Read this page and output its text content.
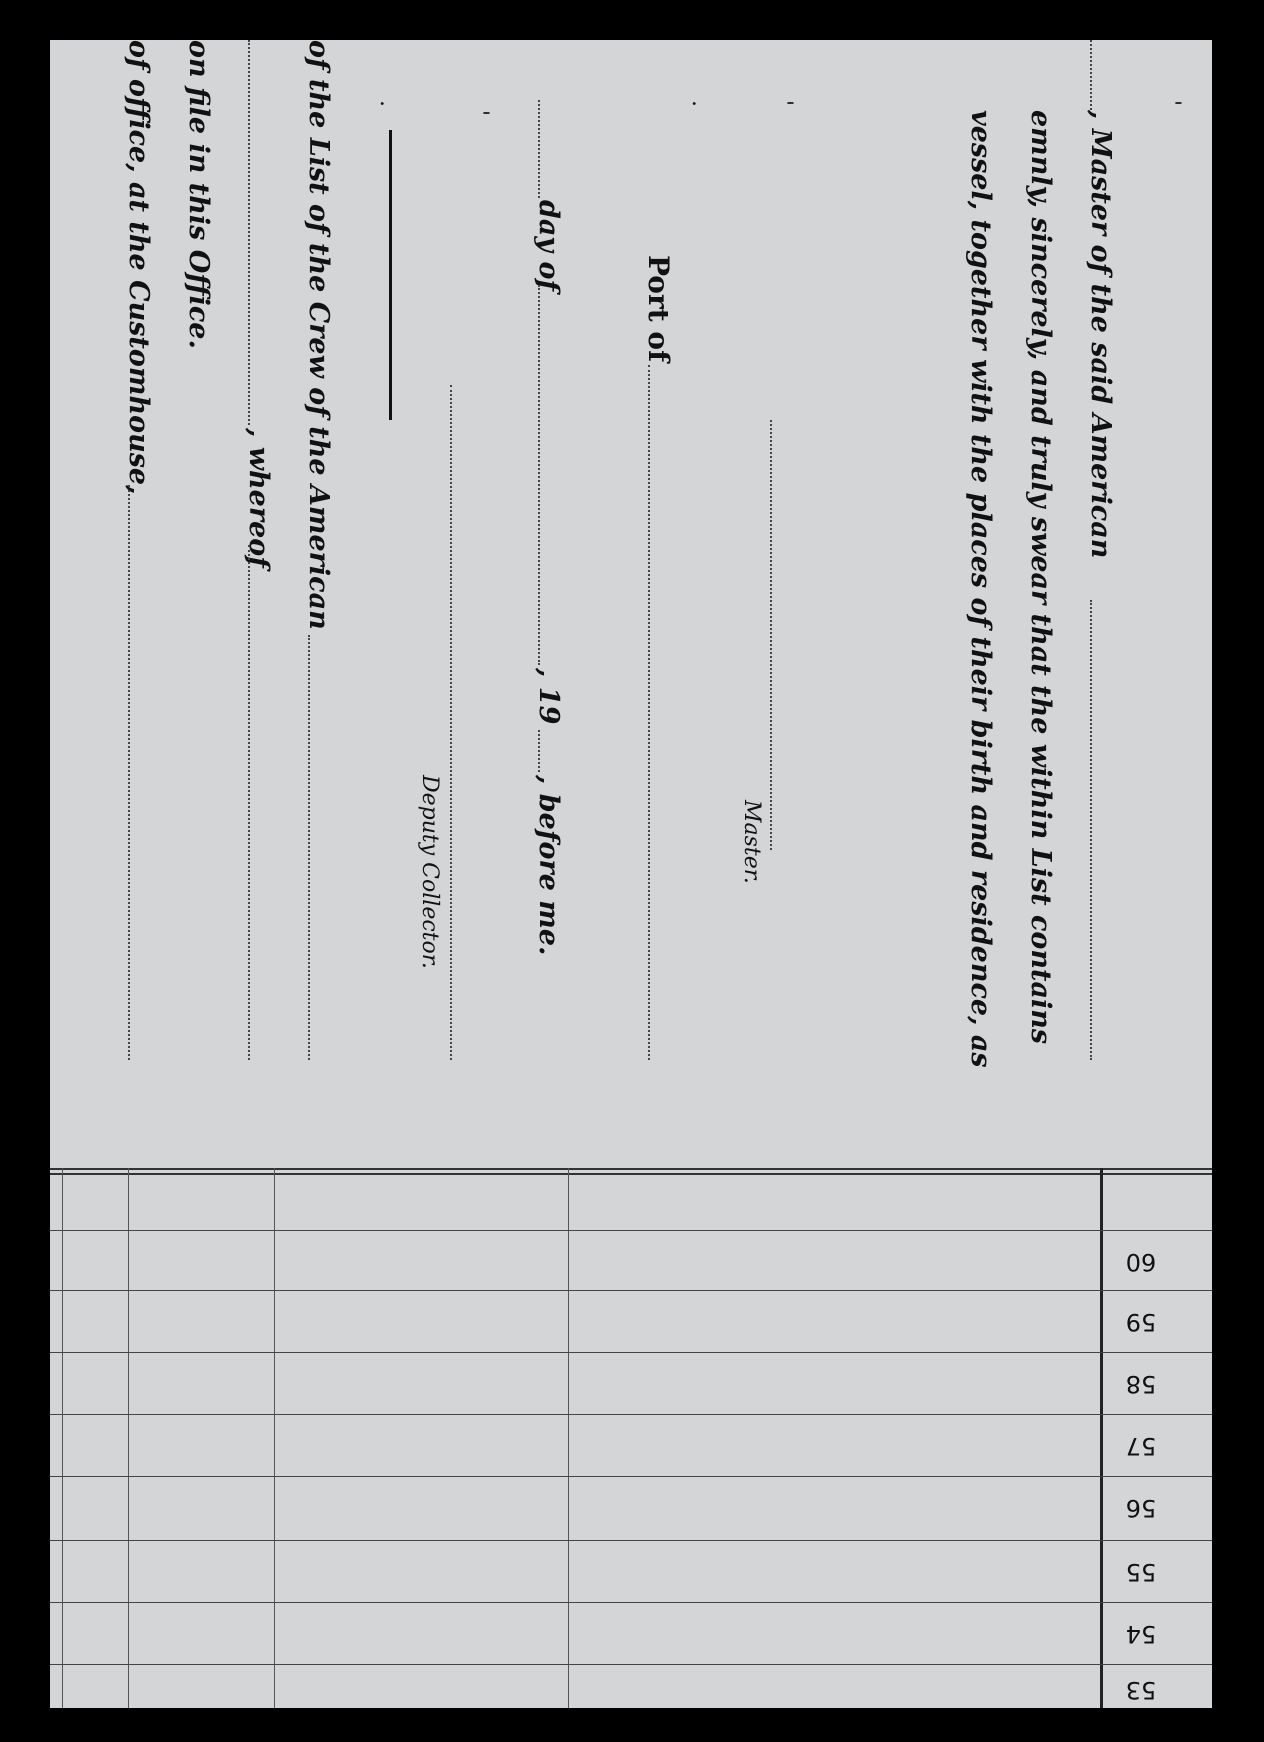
'
, Master of the said American
emnly, sincerely, and truly swear that the within List contains
vessel, together with the places of their birth and residence, as
'
Master.
.
Port of
day of
, 19
, before me.
'
Deputy Collector.
.
of the List of the Crew of the American
, whereof
on file in this Office.
of office, at the Customhouse,
60
59
58
57
56
55
54
53
